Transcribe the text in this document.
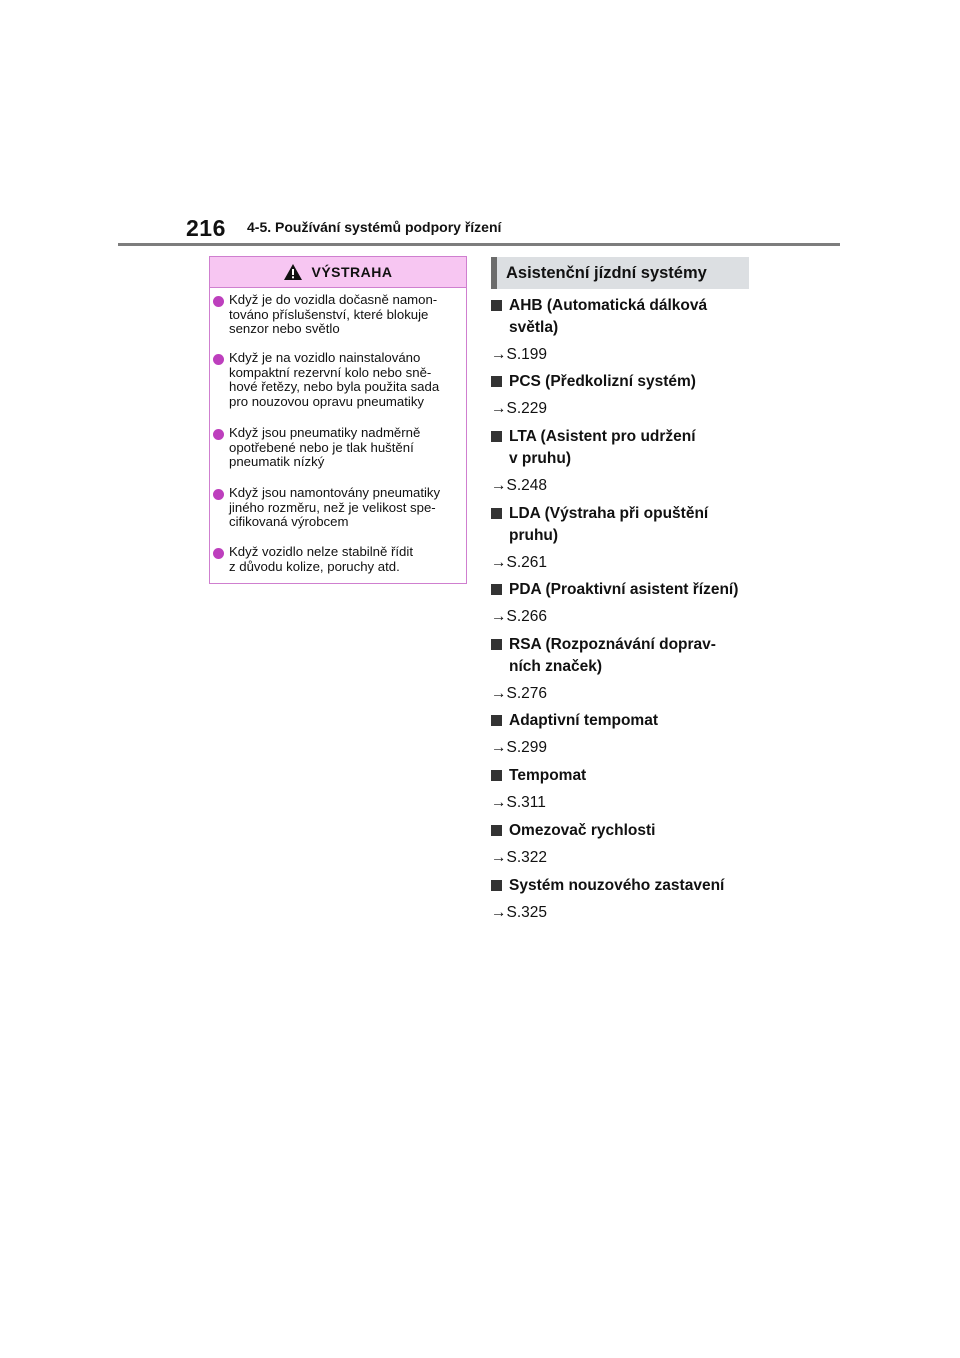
216 4-5. Používání systémů podpory řízení
VÝSTRAHA
Když je do vozidla dočasně namon-
továno příslušenství, které blokuje
senzor nebo světlo
Když je na vozidlo nainstalováno
kompaktní rezervní kolo nebo sně-
hové řetězy, nebo byla použita sada
pro nouzovou opravu pneumatiky
Když jsou pneumatiky nadměrně
opotřebené nebo je tlak huštění
pneumatik nízký
Když jsou namontovány pneumatiky
jiného rozměru, než je velikost spe-
cifikovaná výrobcem
Když vozidlo nelze stabilně řídit
z důvodu kolize, poruchy atd.
Asistenční jízdní systémy
AHB (Automatická dálková
světla)
→S.199
PCS (Předkolizní systém)
→S.229
LTA (Asistent pro udržení
v pruhu)
→S.248
LDA (Výstraha při opuštění
pruhu)
→S.261
PDA (Proaktivní asistent řízení)
→S.266
RSA (Rozpoznávání doprav-
ních značek)
→S.276
Adaptivní tempomat
→S.299
Tempomat
→S.311
Omezovač rychlosti
→S.322
Systém nouzového zastavení
→S.325
